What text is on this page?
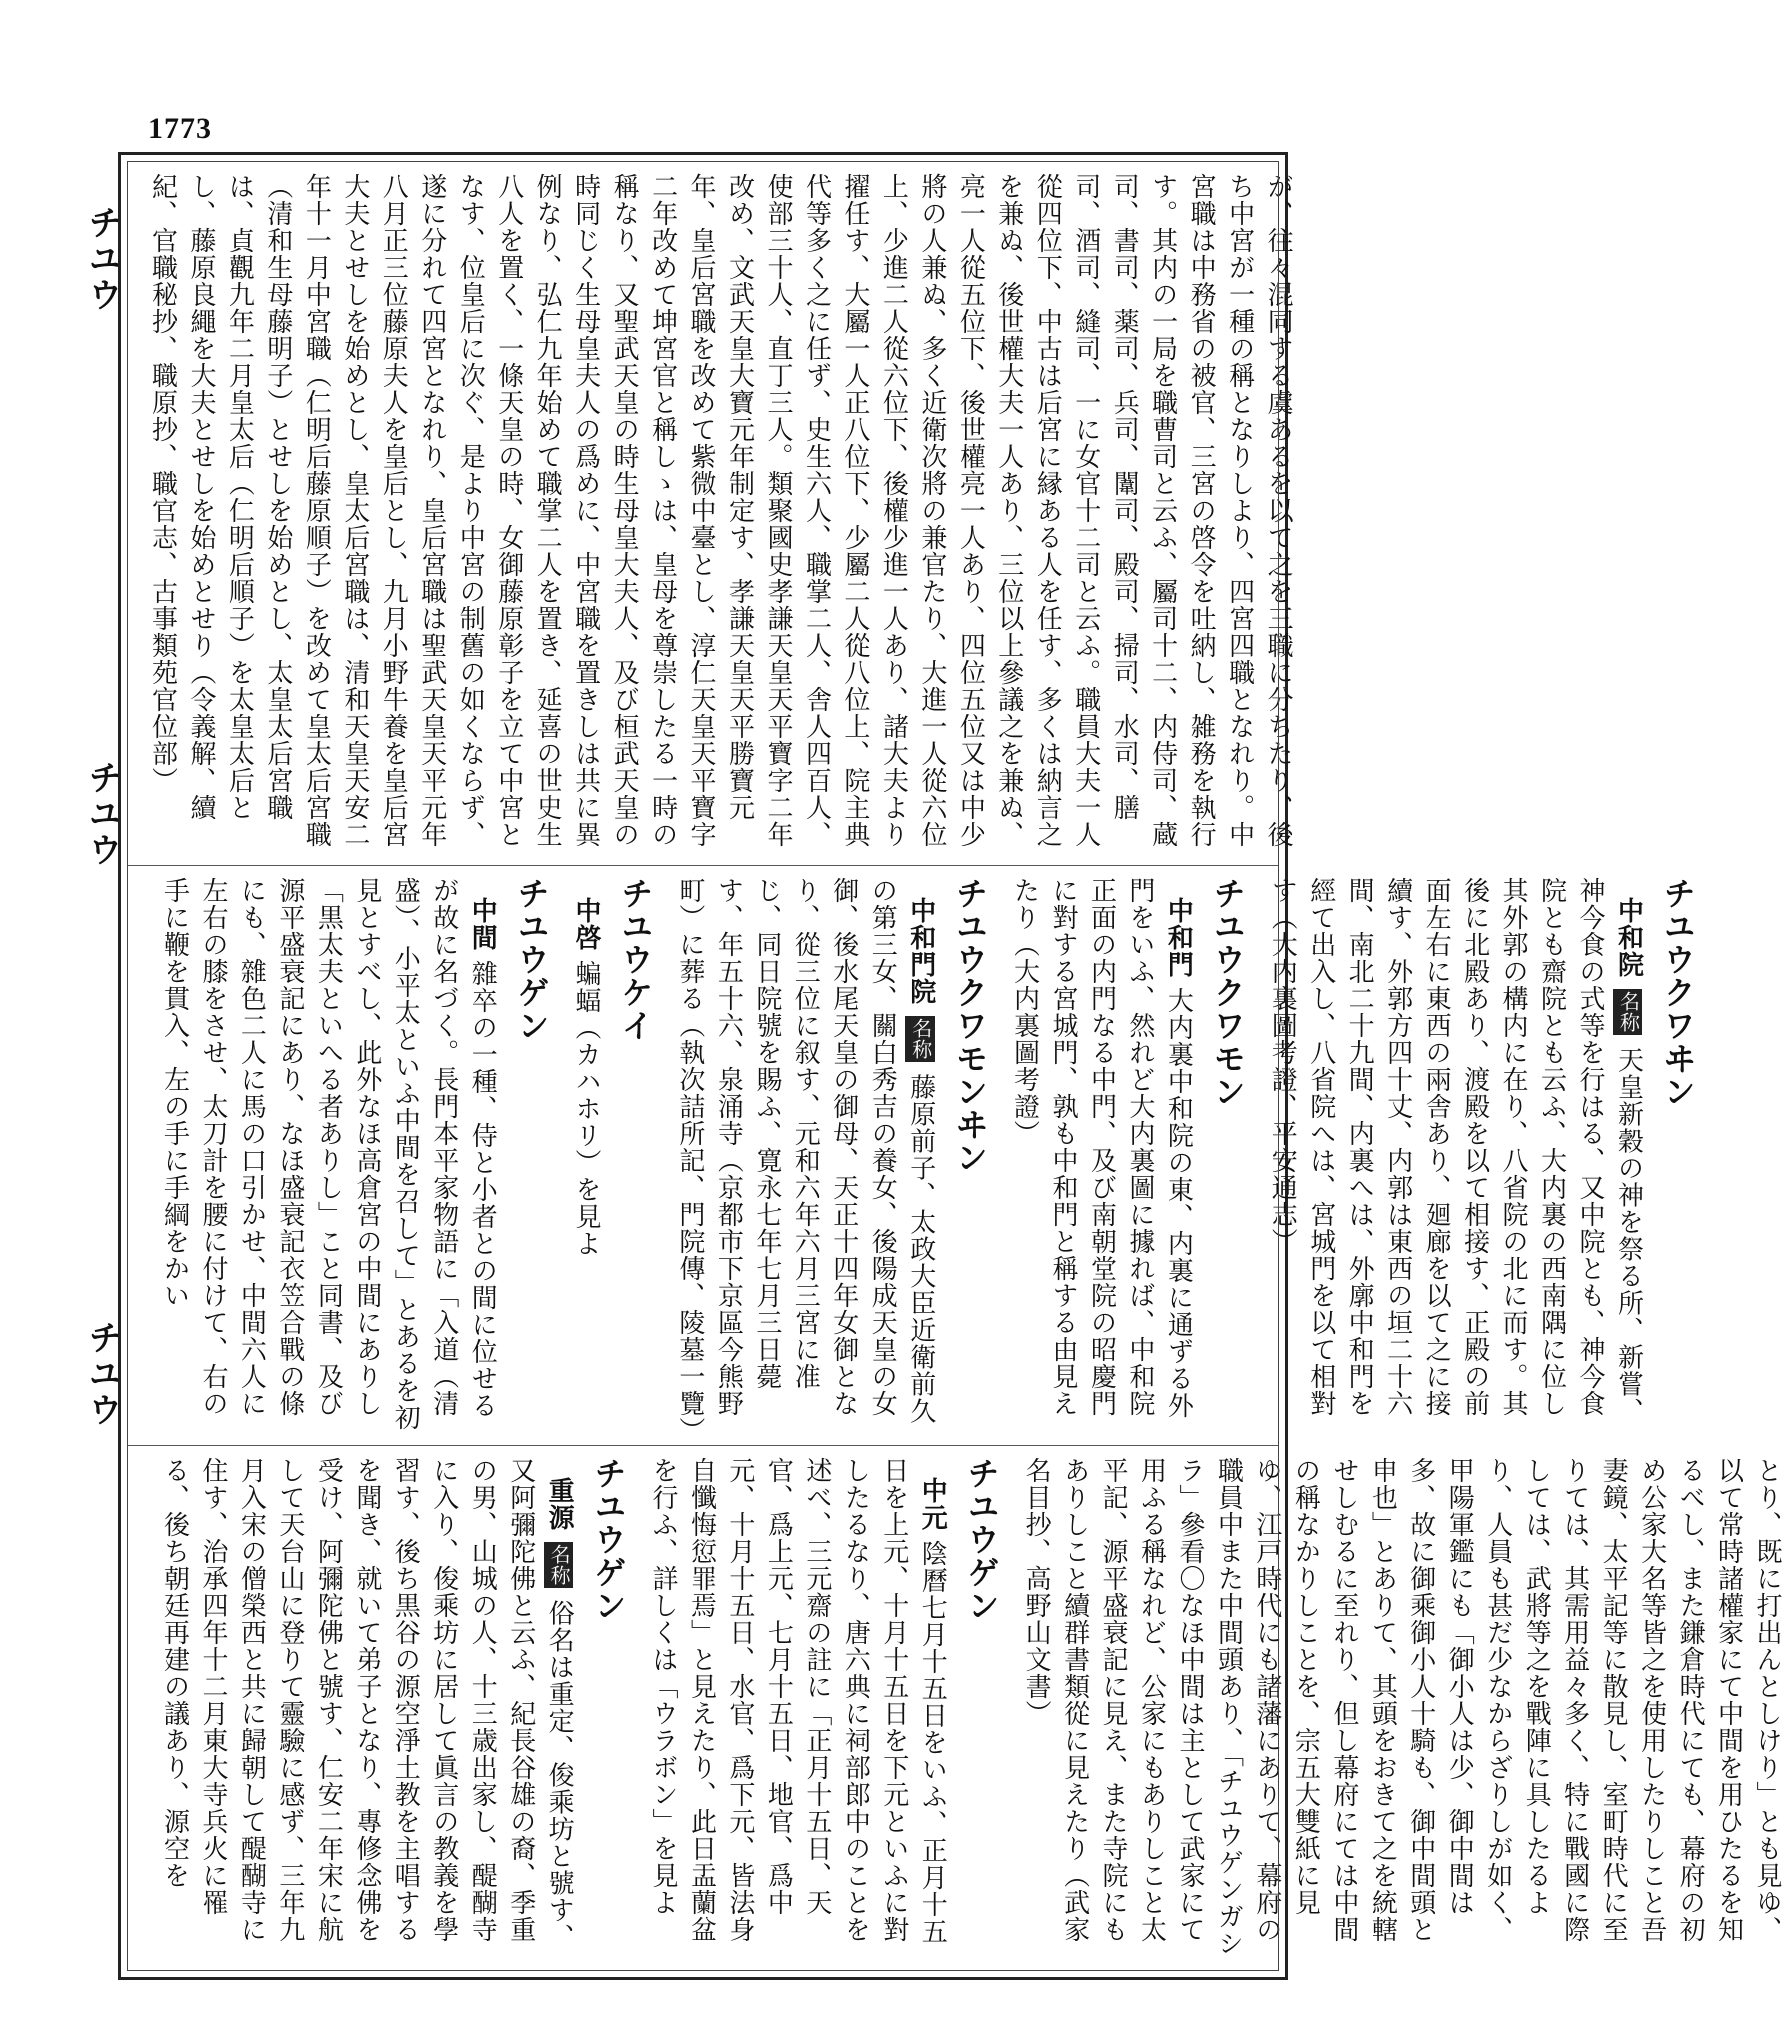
1773
チユウ
チユウ
チユウ
が、往々混同する虞あるを以て之を三職に分ちたり、後ち中宮が一種の稱となりしより、四宮四職となれり。中宮職は中務省の被官、三宮の啓令を吐納し、雑務を執行す。其内の一局を職曹司と云ふ、屬司十二、内侍司、蔵司、書司、薬司、兵司、闈司、殿司、掃司、水司、膳司、酒司、縫司、一に女官十二司と云ふ。職員大夫一人從四位下、中古は后宮に縁ある人を任す、多くは納言之を兼ぬ、後世權大夫一人あり、三位以上參議之を兼ぬ、亮一人從五位下、後世權亮一人あり、四位五位又は中少將の人兼ぬ、多く近衛次將の兼官たり、大進一人從六位上、少進二人從六位下、後權少進一人あり、諸大夫より擢任す、大屬一人正八位下、少屬二人從八位上、院主典代等多く之に任ず、史生六人、職掌二人、舎人四百人、使部三十人、直丁三人。類聚國史孝謙天皇天平寶字二年改め、文武天皇大寶元年制定す、孝謙天皇天平勝寶元年、皇后宮職を改めて紫微中臺とし、淳仁天皇天平寶字二年改めて坤宮官と稱しゝは、皇母を尊崇したる一時の稱なり、又聖武天皇の時生母皇大夫人、及び桓武天皇の時同じく生母皇夫人の爲めに、中宮職を置きしは共に異例なり、弘仁九年始めて職掌二人を置き、延喜の世史生八人を置く、一條天皇の時、女御藤原彰子を立て中宮となす、位皇后に次ぐ、是より中宮の制舊の如くならず、遂に分れて四宮となれり、皇后宮職は聖武天皇天平元年八月正三位藤原夫人を皇后とし、九月小野牛養を皇后宮大夫とせしを始めとし、皇太后宮職は、清和天皇天安二年十一月中宮職（仁明后藤原順子）を改めて皇太后宮職（清和生母藤明子）とせしを始めとし、太皇太后宮職は、貞觀九年二月皇太后（仁明后順子）を太皇太后とし、藤原良繩を大夫とせしを始めとせり（令義解、續紀、官職秘抄、職原抄、職官志、古事類苑官位部）
チユウクワヰン
中和院 名称 天皇新穀の神を祭る所、新嘗、神今食の式等を行はる、又中院とも、神今食院とも齋院とも云ふ、大内裏の西南隅に位し其外郭の構内に在り、八省院の北に而す。其後に北殿あり、渡殿を以て相接す、正殿の前面左右に東西の兩舎あり、廻廊を以て之に接續す、外郭方四十丈、内郭は東西の垣二十六間、南北二十九間、内裏へは、外廓中和門を經て出入し、八省院へは、宮城門を以て相對す（大内裏圖考證、平安通志）
チユウクワモン
中和門 大内裏中和院の東、内裏に通ずる外門をいふ、然れど大内裏圖に據れば、中和院正面の内門なる中門、及び南朝堂院の昭慶門に對する宮城門、孰も中和門と稱する由見えたり（大内裏圖考證）
チユウクワモンヰン
中和門院 名称 藤原前子、太政大臣近衛前久の第三女、關白秀吉の養女、後陽成天皇の女御、後水尾天皇の御母、天正十四年女御となり、從三位に叙す、元和六年六月三宮に准じ、同日院號を賜ふ、寛永七年七月三日薨す、年五十六、泉涌寺（京都市下京區今熊野町）に葬る（執次詰所記、門院傳、陵墓一覽）
チユウケイ
中啓 蝙蝠（カハホリ）を見よ
チユウゲン
中間 雜卒の一種、侍と小者との間に位せるが故に名づく。長門本平家物語に「入道（清盛）、小平太といふ中間を召して」とあるを初見とすべし、此外なほ高倉宮の中間にありし「黒太夫といへる者ありし」こと同書、及び源平盛衰記にあり、なほ盛衰記衣笠合戰の條にも、雜色二人に馬の口引かせ、中間六人に左右の膝をさせ、太刀計を腰に付けて、右の手に鞭を貫入、左の手に手綱をかい
とり、既に打出んとしけり」とも見ゆ、以て常時諸權家にて中間を用ひたるを知るべし、また鎌倉時代にても、幕府の初め公家大名等皆之を使用したりしこと吾妻鏡、太平記等に散見し、室町時代に至りては、其需用益々多く、特に戰國に際しては、武將等之を戰陣に具したるより、人員も甚だ少なからざりしが如く、甲陽軍鑑にも「御小人は少、御中間は多、故に御乘御小人十騎も、御中間頭と申也」とありて、其頭をおきて之を統轄せしむるに至れり、但し幕府にては中間の稱なかりしことを、宗五大雙紙に見ゆ、江戸時代にも諸藩にありて、幕府の職員中また中間頭あり、「チユウゲンガシラ」參看〇なほ中間は主として武家にて用ふる稱なれど、公家にもありしこと太平記、源平盛衰記に見え、また寺院にもありしこと續群書類從に見えたり（武家名目抄、高野山文書）
チユウゲン
中元 陰曆七月十五日をいふ、正月十五日を上元、十月十五日を下元といふに對したるなり、唐六典に祠部郎中のことを述べ、三元齋の註に「正月十五日、天官、爲上元、七月十五日、地官、爲中元、十月十五日、水官、爲下元、皆法身自懺悔愆罪焉」と見えたり、此日盂蘭盆を行ふ、詳しくは「ウラボン」を見よ
チユウゲン
重源 名称 俗名は重定、俊乘坊と號す、又阿彌陀佛と云ふ、紀長谷雄の裔、季重の男、山城の人、十三歳出家し、醍醐寺に入り、俊乘坊に居して眞言の教義を學習す、後ち黒谷の源空淨土教を主唱するを聞き、就いて弟子となり、專修念佛を受け、阿彌陀佛と號す、仁安二年宋に航して天台山に登りて靈驗に感ず、三年九月入宋の僧榮西と共に歸朝して醍醐寺に住す、治承四年十二月東大寺兵火に罹る、後ち朝廷再建の議あり、源空を
